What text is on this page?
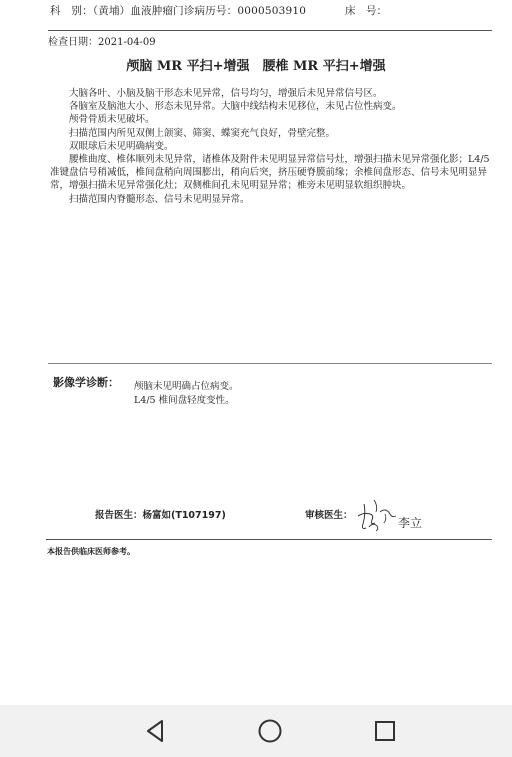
科　别：（黄埔）血液肿瘤门诊病历号：0000503910	床　号：
检查日期：2021-04-09
颅脑 MR 平扫+增强　腰椎 MR 平扫+增强

大脑各叶、小脑及脑干形态未见异常，信号均匀，增强后未见异常信号区。

各脑室及脑池大小、形态未见异常。大脑中线结构未见移位，未见占位性病变。

颅骨骨质未见破坏。

扫描范围内所见双侧上颌窦、筛窦、蝶窦充气良好，骨壁完整。

双眼球后未见明确病变。

腰椎曲度、椎体顺列未见异常，诸椎体及附件未见明显异常信号灶，增强扫描未见异常强化影；L4/5 准键盘信号稍减低，椎间盘稍向周围膨出，稍向后突，挤压硬脊膜前缘；余椎间盘形态、信号未见明显异常，增强扫描未见异常强化灶；双侧椎间孔未见明显异常；椎旁未见明显软组织肿块。

扫描范围内脊髓形态、信号未见明显异常。

影像学诊断： 颅脑未见明确占位病变。

L4/5 椎间盘轻度变性。

报告医生：杨富如(T107197)	审核医生：
李立
本报告供临床医师参考。
